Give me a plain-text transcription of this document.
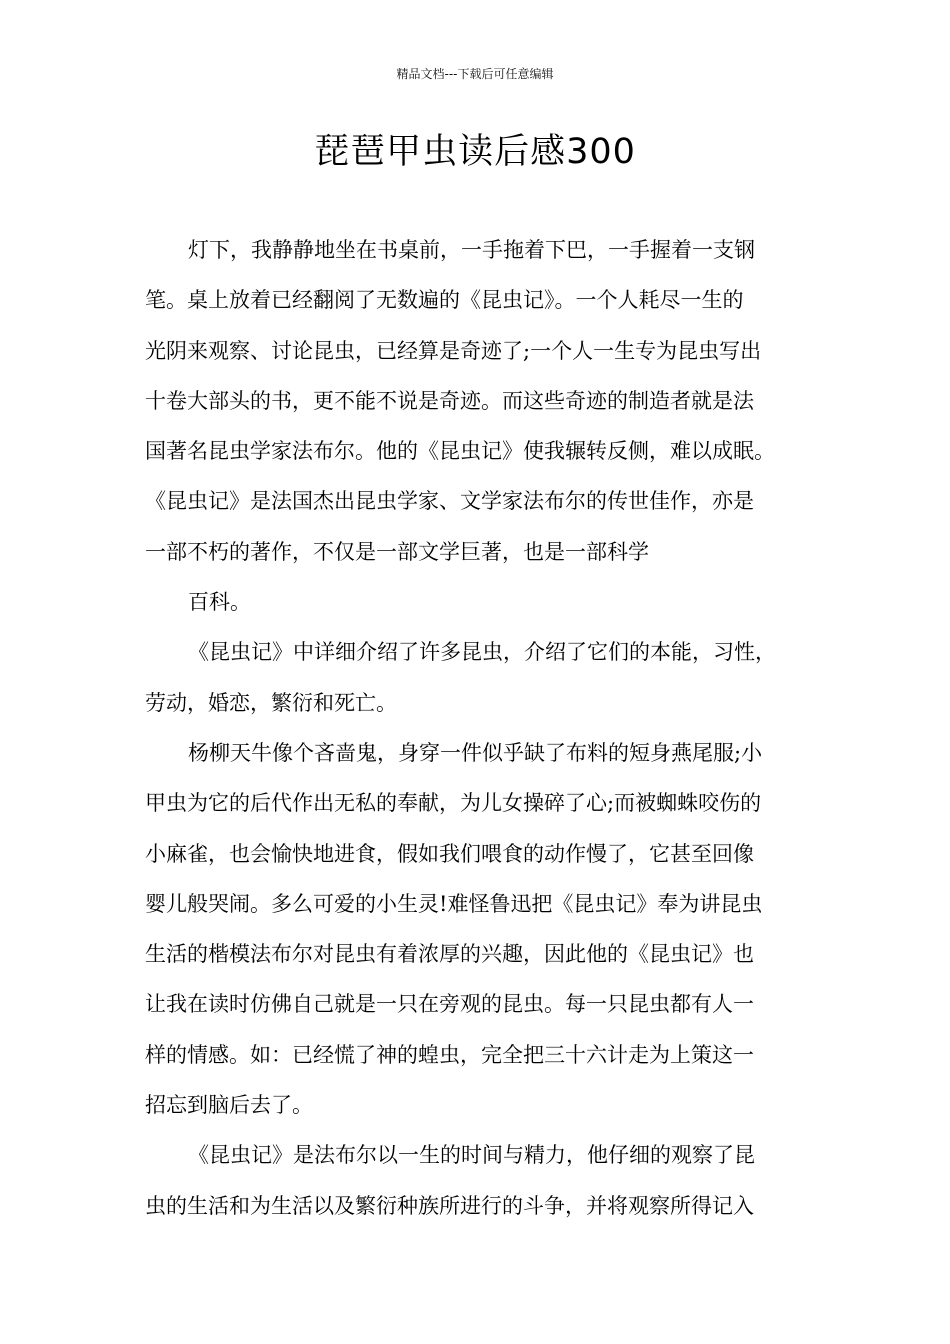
精品文档---下载后可任意编辑
琵琶甲虫读后感300
灯下，我静静地坐在书桌前，一手拖着下巴，一手握着一支钢
笔。桌上放着已经翻阅了无数遍的《昆虫记》。一个人耗尽一生的
光阴来观察、讨论昆虫，已经算是奇迹了;一个人一生专为昆虫写出
十卷大部头的书，更不能不说是奇迹。而这些奇迹的制造者就是法
国著名昆虫学家法布尔。他的《昆虫记》使我辗转反侧，难以成眠。
《昆虫记》是法国杰出昆虫学家、文学家法布尔的传世佳作，亦是
一部不朽的著作，不仅是一部文学巨著，也是一部科学
百科。
《昆虫记》中详细介绍了许多昆虫，介绍了它们的本能，习性，
劳动，婚恋，繁衍和死亡。
杨柳天牛像个吝啬鬼，身穿一件似乎缺了布料的短身燕尾服;小
甲虫为它的后代作出无私的奉献，为儿女操碎了心;而被蜘蛛咬伤的
小麻雀，也会愉快地进食，假如我们喂食的动作慢了，它甚至回像
婴儿般哭闹。多么可爱的小生灵!难怪鲁迅把《昆虫记》奉为讲昆虫
生活的楷模法布尔对昆虫有着浓厚的兴趣，因此他的《昆虫记》也
让我在读时仿佛自己就是一只在旁观的昆虫。每一只昆虫都有人一
样的情感。如：已经慌了神的蝗虫，完全把三十六计走为上策这一
招忘到脑后去了。
《昆虫记》是法布尔以一生的时间与精力，他仔细的观察了昆
虫的生活和为生活以及繁衍种族所进行的斗争，并将观察所得记入
